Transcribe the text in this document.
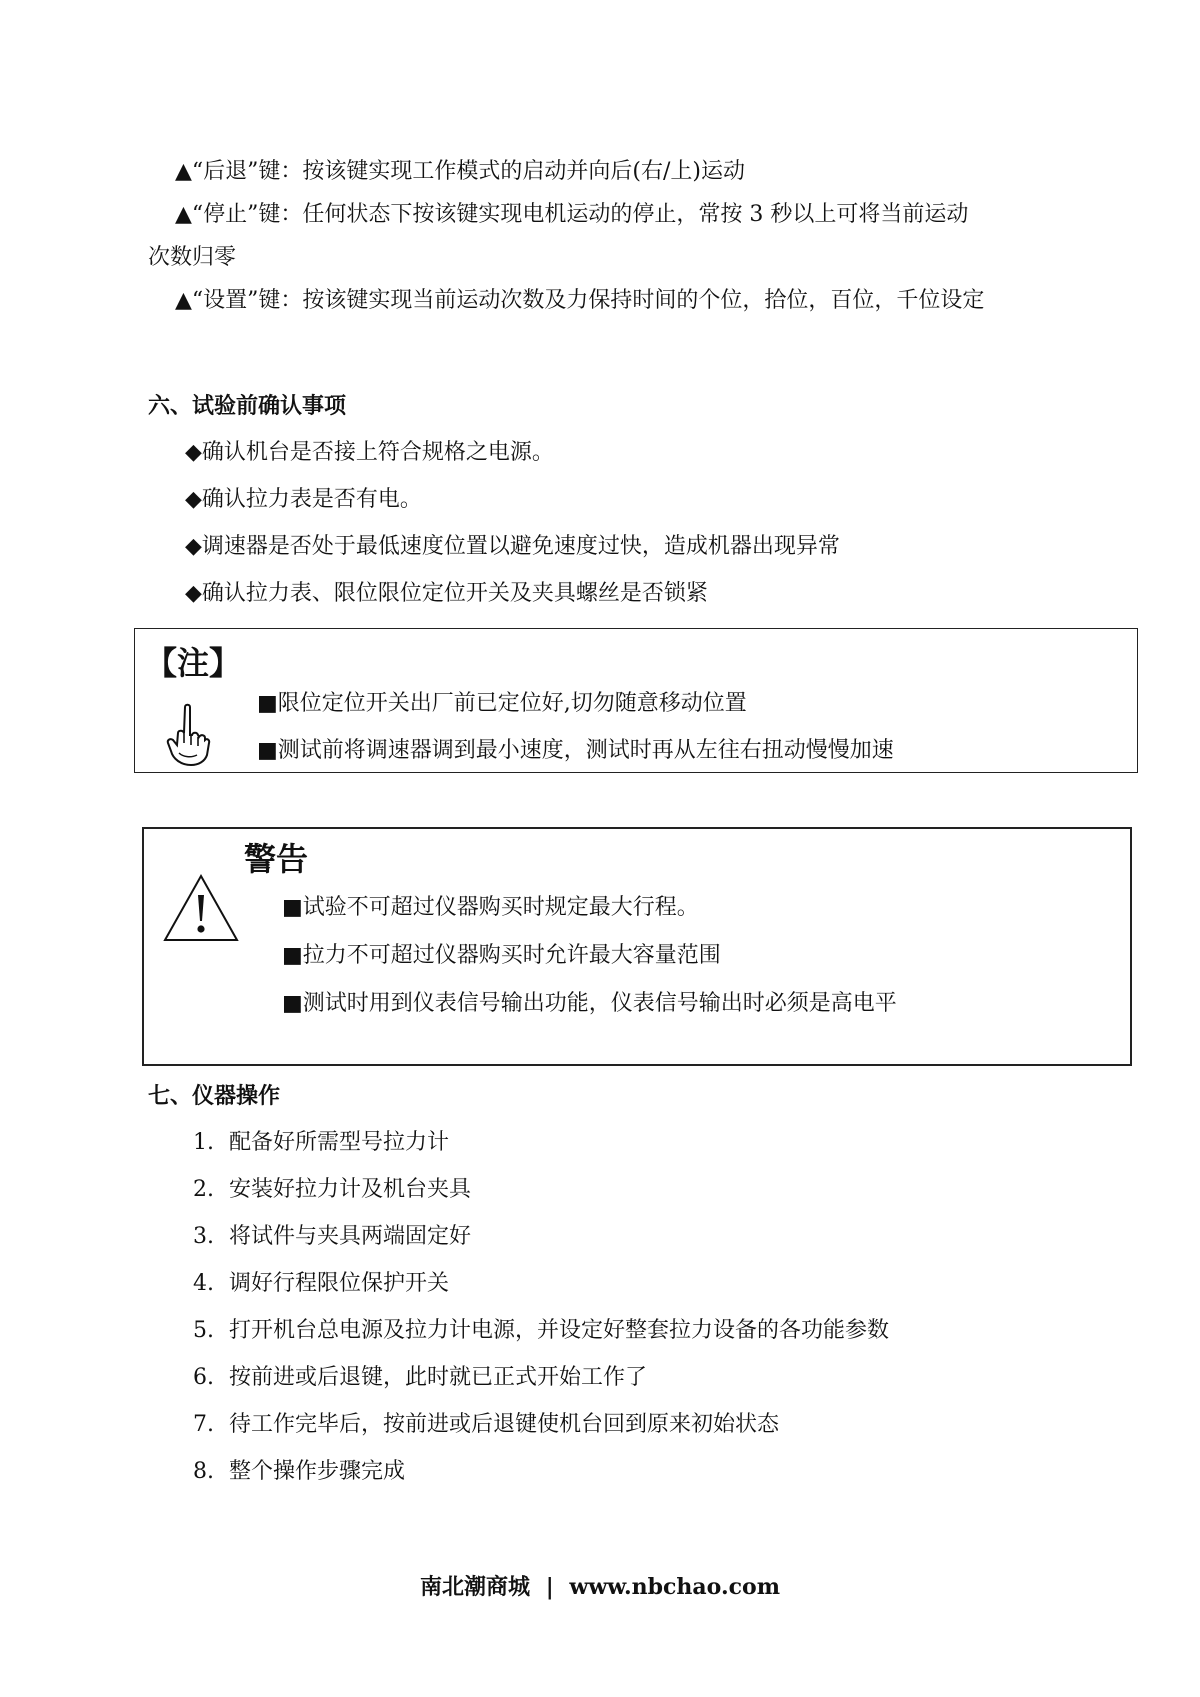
▲“后退”键：按该键实现工作模式的启动并向后(右/上)运动
▲“停止”键：任何状态下按该键实现电机运动的停止，常按 3 秒以上可将当前运动
次数归零
▲“设置”键：按该键实现当前运动次数及力保持时间的个位，拾位，百位，千位设定
六、试验前确认事项
◆确认机台是否接上符合规格之电源。
◆确认拉力表是否有电。
◆调速器是否处于最低速度位置以避免速度过快，造成机器出现异常
◆确认拉力表、限位限位定位开关及夹具螺丝是否锁紧
【注】
■限位定位开关出厂前已定位好,切勿随意移动位置
■测试前将调速器调到最小速度，测试时再从左往右扭动慢慢加速
警告
■试验不可超过仪器购买时规定最大行程。
■拉力不可超过仪器购买时允许最大容量范围
■测试时用到仪表信号输出功能，仪表信号输出时必须是高电平
七、仪器操作
1. 配备好所需型号拉力计
2. 安装好拉力计及机台夹具
3. 将试件与夹具两端固定好
4. 调好行程限位保护开关
5. 打开机台总电源及拉力计电源，并设定好整套拉力设备的各功能参数
6. 按前进或后退键，此时就已正式开始工作了
7. 待工作完毕后，按前进或后退键使机台回到原来初始状态
8. 整个操作步骤完成
南北潮商城 | www.nbchao.com
